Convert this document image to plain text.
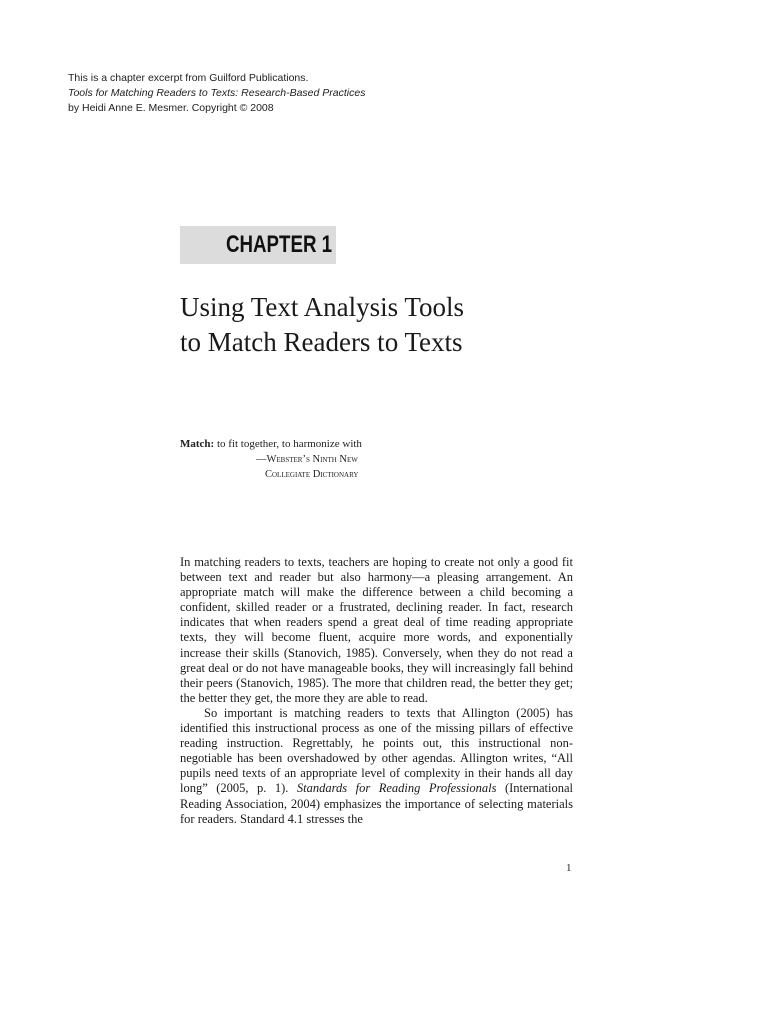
This is a chapter excerpt from Guilford Publications.
Tools for Matching Readers to Texts: Research-Based Practices
by Heidi Anne E. Mesmer. Copyright © 2008
CHAPTER 1
Using Text Analysis Tools
to Match Readers to Texts
Match: to fit together, to harmonize with
—Webster’s Ninth New
Collegiate Dictionary

In matching readers to texts, teachers are hoping to create not only a good fit between text and reader but also harmony—a pleasing arrangement. An appropriate match will make the difference between a child becoming a confident, skilled reader or a frustrated, declining reader. In fact, research indicates that when readers spend a great deal of time reading appropriate texts, they will become fluent, acquire more words, and exponentially increase their skills (Stanovich, 1985). Conversely, when they do not read a great deal or do not have manageable books, they will increasingly fall behind their peers (Stanovich, 1985). The more that children read, the better they get; the better they get, the more they are able to read.

So important is matching readers to texts that Allington (2005) has identified this instructional process as one of the missing pillars of effective reading instruction. Regrettably, he points out, this instructional non-negotiable has been overshadowed by other agendas. Allington writes, “All pupils need texts of an appropriate level of complexity in their hands all day long” (2005, p. 1). Standards for Reading Professionals (International Reading Association, 2004) emphasizes the importance of selecting materials for readers. Standard 4.1 stresses the

1
